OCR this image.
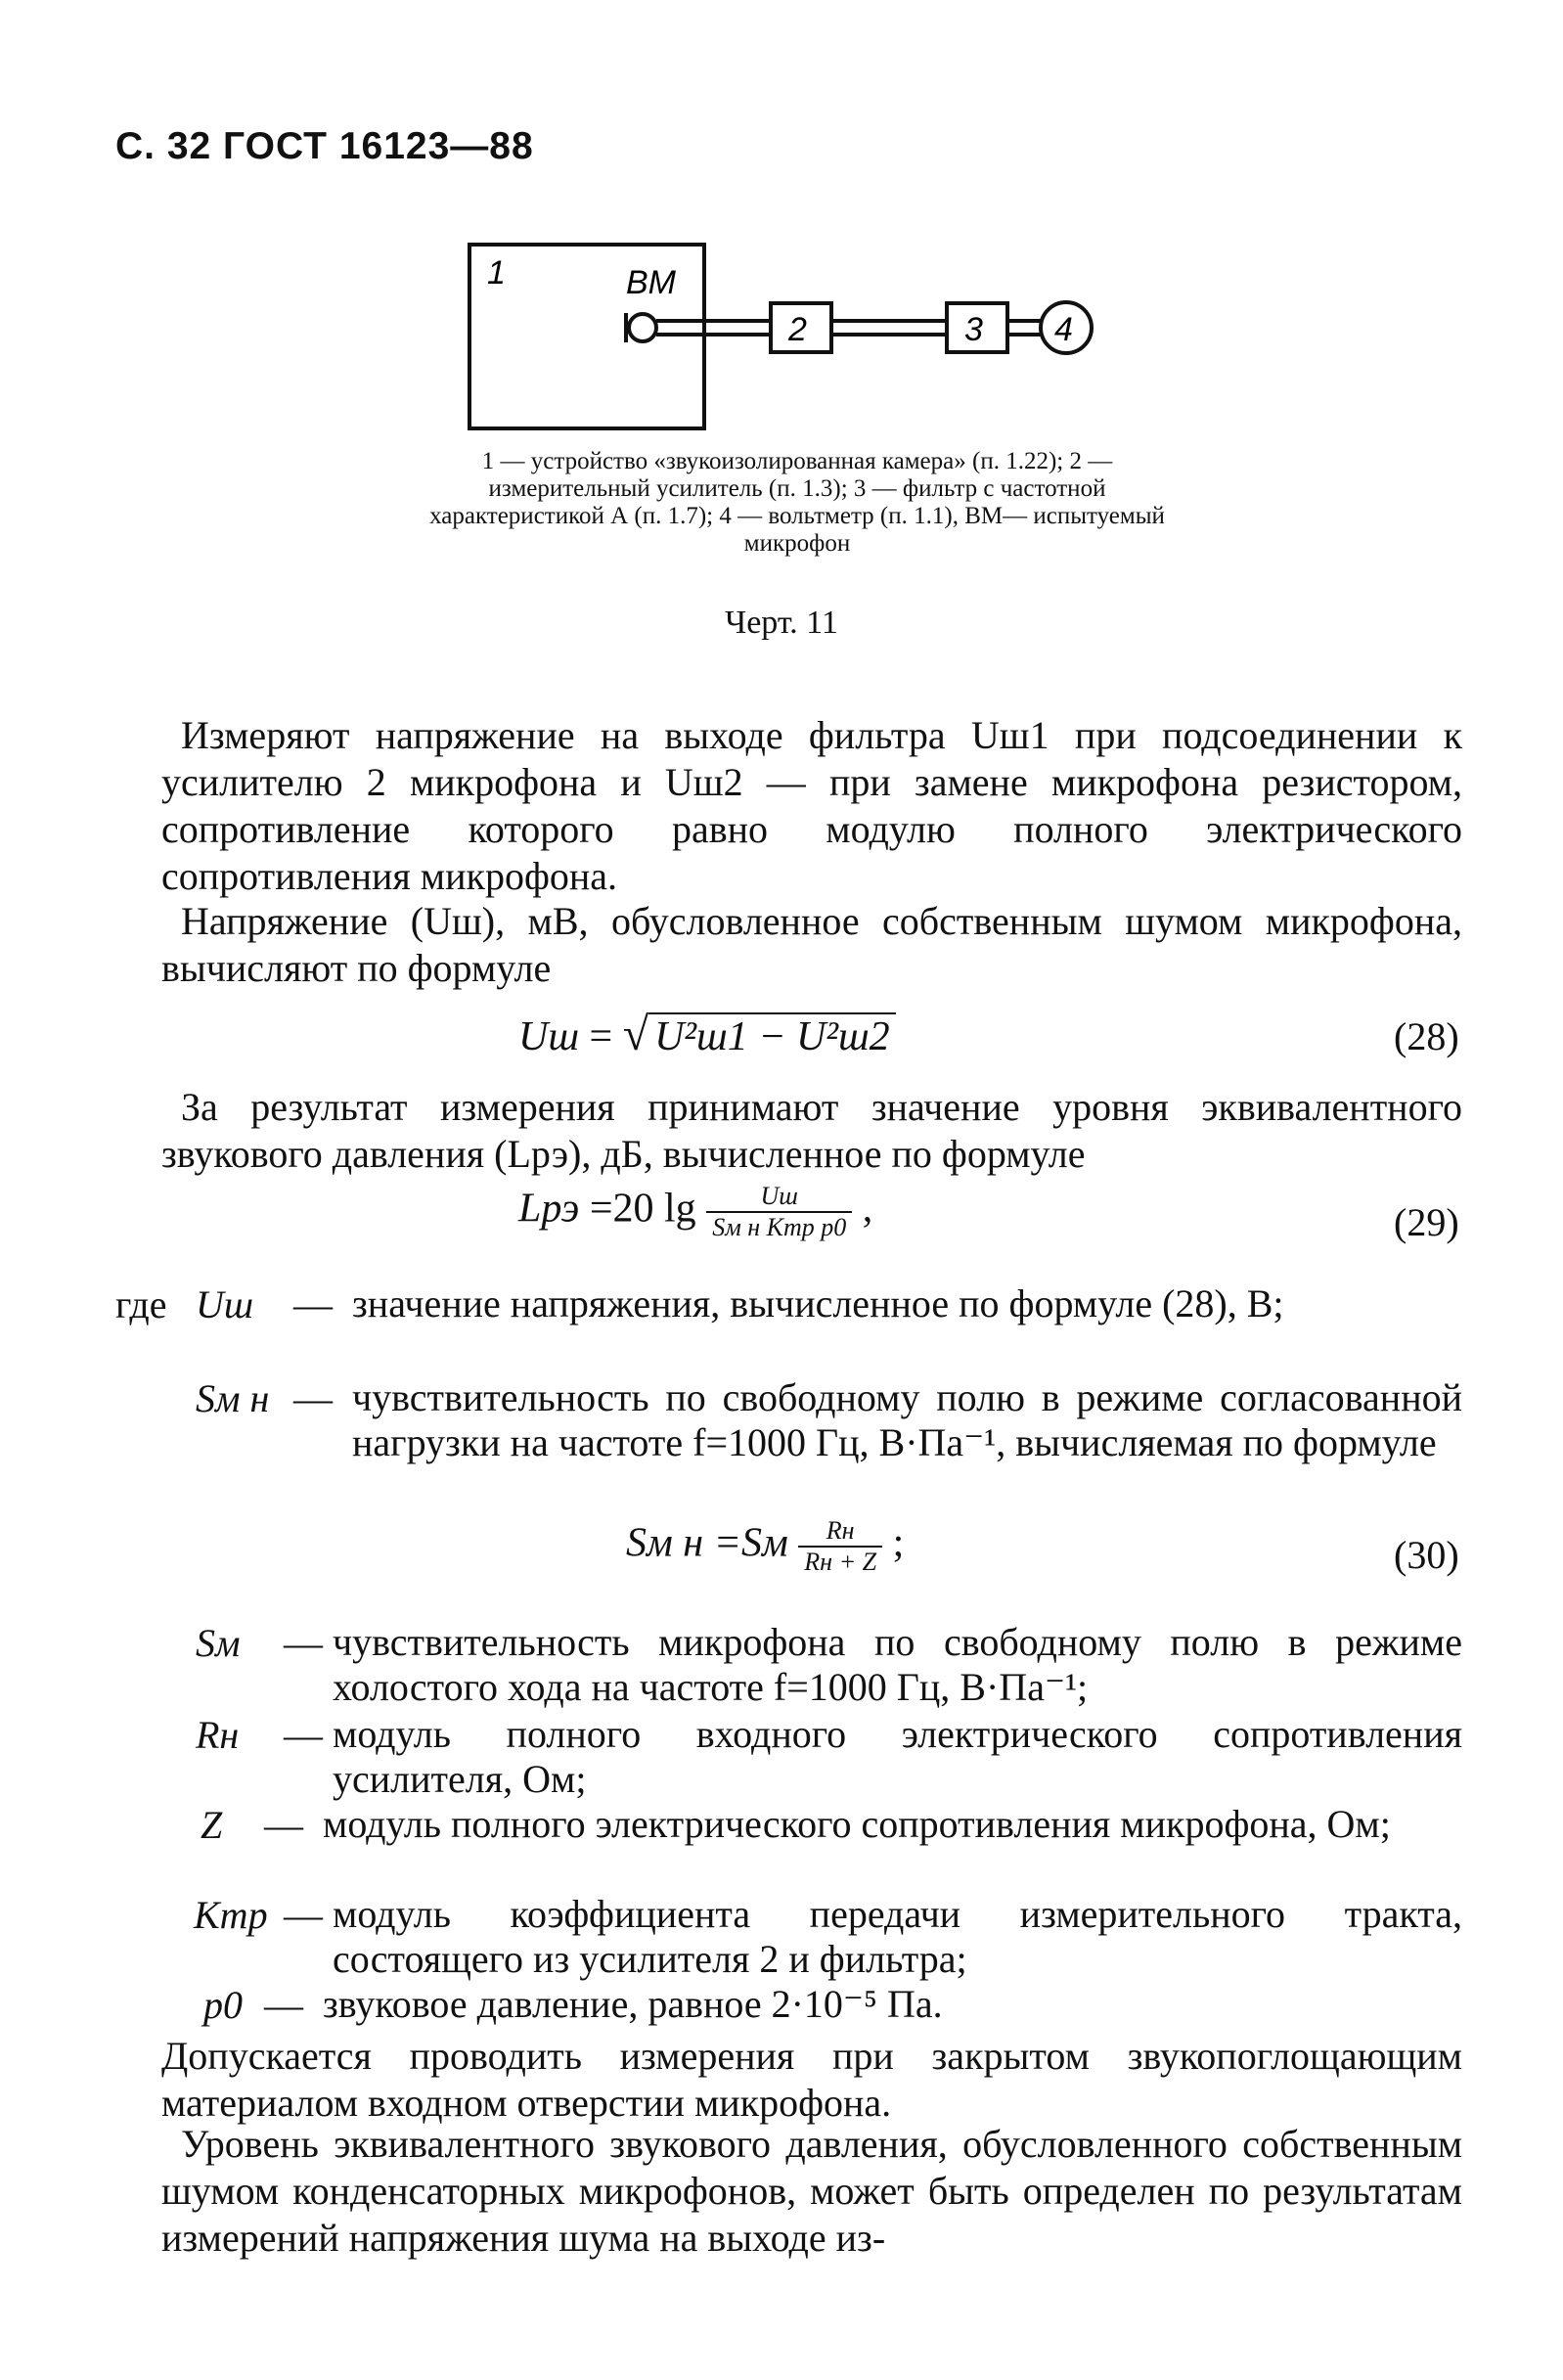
С. 32 ГОСТ 16123—88
1	ВМ
2	3 4
1 — устройство «звукоизолированная камера» (п. 1.22); 2 — измерительный усилитель (п. 1.3); 3 — фильтр с частотной характеристикой А (п. 1.7); 4 — вольтметр (п. 1.1), ВМ— испытуемый микрофон
Черт. 11
Измеряют напряжение на выходе фильтра Uш1 при подсоединении к усилителю 2 микрофона и Uш2 — при замене микрофона резистором, сопротивление которого равно модулю полного электрического сопротивления микрофона.
Напряжение (Uш), мВ, обусловленное собственным шумом микрофона, вычисляют по формуле
Uш = √ U²ш1 − U²ш2	(28)
За результат измерения принимают значение уровня эквивалентного звукового давления (Lрэ), дБ, вычисленное по формуле
Lрэ =20 $\lg \frac{Uш}{\text{Sм н Kтр p0}}$ ,	(29)
где Uш — значение напряжения, вычисленное по формуле (28), В;
Sм н — чувствительность по свободному полю в режиме согласованной нагрузки на частоте f=1000 Гц, В·Па⁻¹, вычисляемая по формуле
Sм $н =Sм \frac{Rн}{Rн + Z}$ ;	(30)
Sм — чувствительность микрофона по свободному полю в режиме холостого хода на частоте f=1000 Гц, В·Па⁻¹;
Rн — модуль полного входного электрического сопротивления усилителя, Ом;
Z — модуль полного электрического сопротивления микрофона, Ом;
Kтр — модуль коэффициента передачи измерительного тракта, состоящего из усилителя 2 и фильтра;
p0 — звуковое давление, равное 2·10⁻⁵ Па.
Допускается проводить измерения при закрытом звукопоглощающим материалом входном отверстии микрофона.
Уровень эквивалентного звукового давления, обусловленного собственным шумом конденсаторных микрофонов, может быть определен по результатам измерений напряжения шума на выходе из-
